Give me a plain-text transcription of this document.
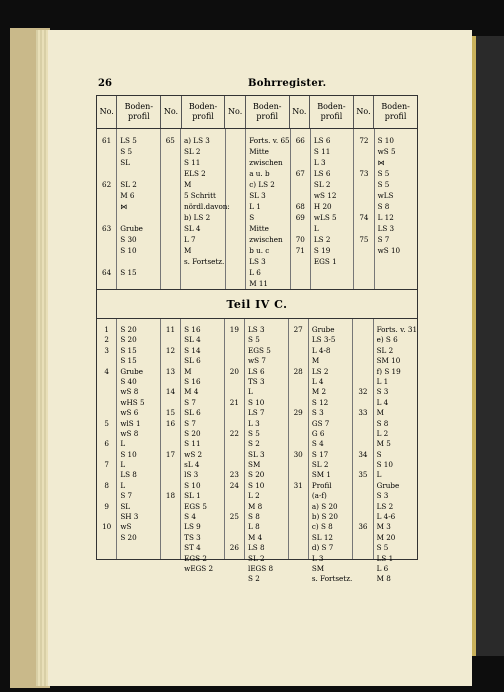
26	Bohrregister.
No.
Boden-
profil
No.
Boden-
profil
No.
Boden-
profil
No.
Boden-
profil
No.
Boden-
profil
61
62
63
64
LS 5
S 5
SL
SL 2
M 6
⋈
Grube
S 30
S 10
S 15
65	a) LS 3
SL 2
S 11
ELS 2
M
5 Schritt
nördl.davon:
b) LS 2
SL 4
L 7
M
s. Fortsetz.
Forts. v. 65
Mitte
zwischen
a u. b
c) LS 2
SL 3
L 1
S
Mitte
zwischen
b u. c
LS 3
L 6
M 11
66
67
68
69
70
71
LS 6
S 11
L 3
LS 6
SL 2
wS 12
H 20
wLS 5
L
LS 2
S 19
EGS 1
72
73
74
75
S 10
wS 5
⋈
S 5
S 5
wLS
S 8
L 12
LS 3
S 7
wS 10
Teil IV C.
1
2
3
4
5
6
7
8
9
10
S 20
S 20
S 15
S 15
Grube
S 40
wS 8
wHS 5
wS 6
wlS 1
wS 8
L
S 10
L
LS 8
L
S 7
SL
SH 3
wS
S 20
11
12
13
14
15
16
17
18
S 16
SL 4
S 14
SL 6
M
S 16
M 4
S 7
SL 6
S 7
S 20
S 11
wS 2
sL 4
lS 3
S 10
SL 1
EGS 5
S 4
LS 9
TS 3
ST 4
EGS 2
wEGS 2
19
20
21
22
23
24
25
26
LS 3
S 5
EGS 5
wS 7
LS 6
TS 3
L
S 10
LS 7
L 3
S 5
S 2
SL 3
SM
S 20
S 10
L 2
M 8
S 8
L 8
M 4
LS 8
SL 2
lEGS 8
S 2
27
28
29
30
31
Grube
LS 3-5
L 4-8
M
LS 2
L 4
M 2
S 12
S 3
GS 7
G 6
S 4
S 17
SL 2
SM 1
Profil
(a-f)
a) S 20
b) S 20
c) S 8
SL 12
d) S 7
L 3
SM
s. Fortsetz.
32
33
34
35
36
Forts. v. 31
e) S 6
SL 2
SM 10
f) S 19
L 1
S 3
L 4
M
S 8
L 2
M 5
S
S 10
L
Grube
S 3
LS 2
L 4-6
M 3
M 20
S 5
LS 1
L 6
M 8
